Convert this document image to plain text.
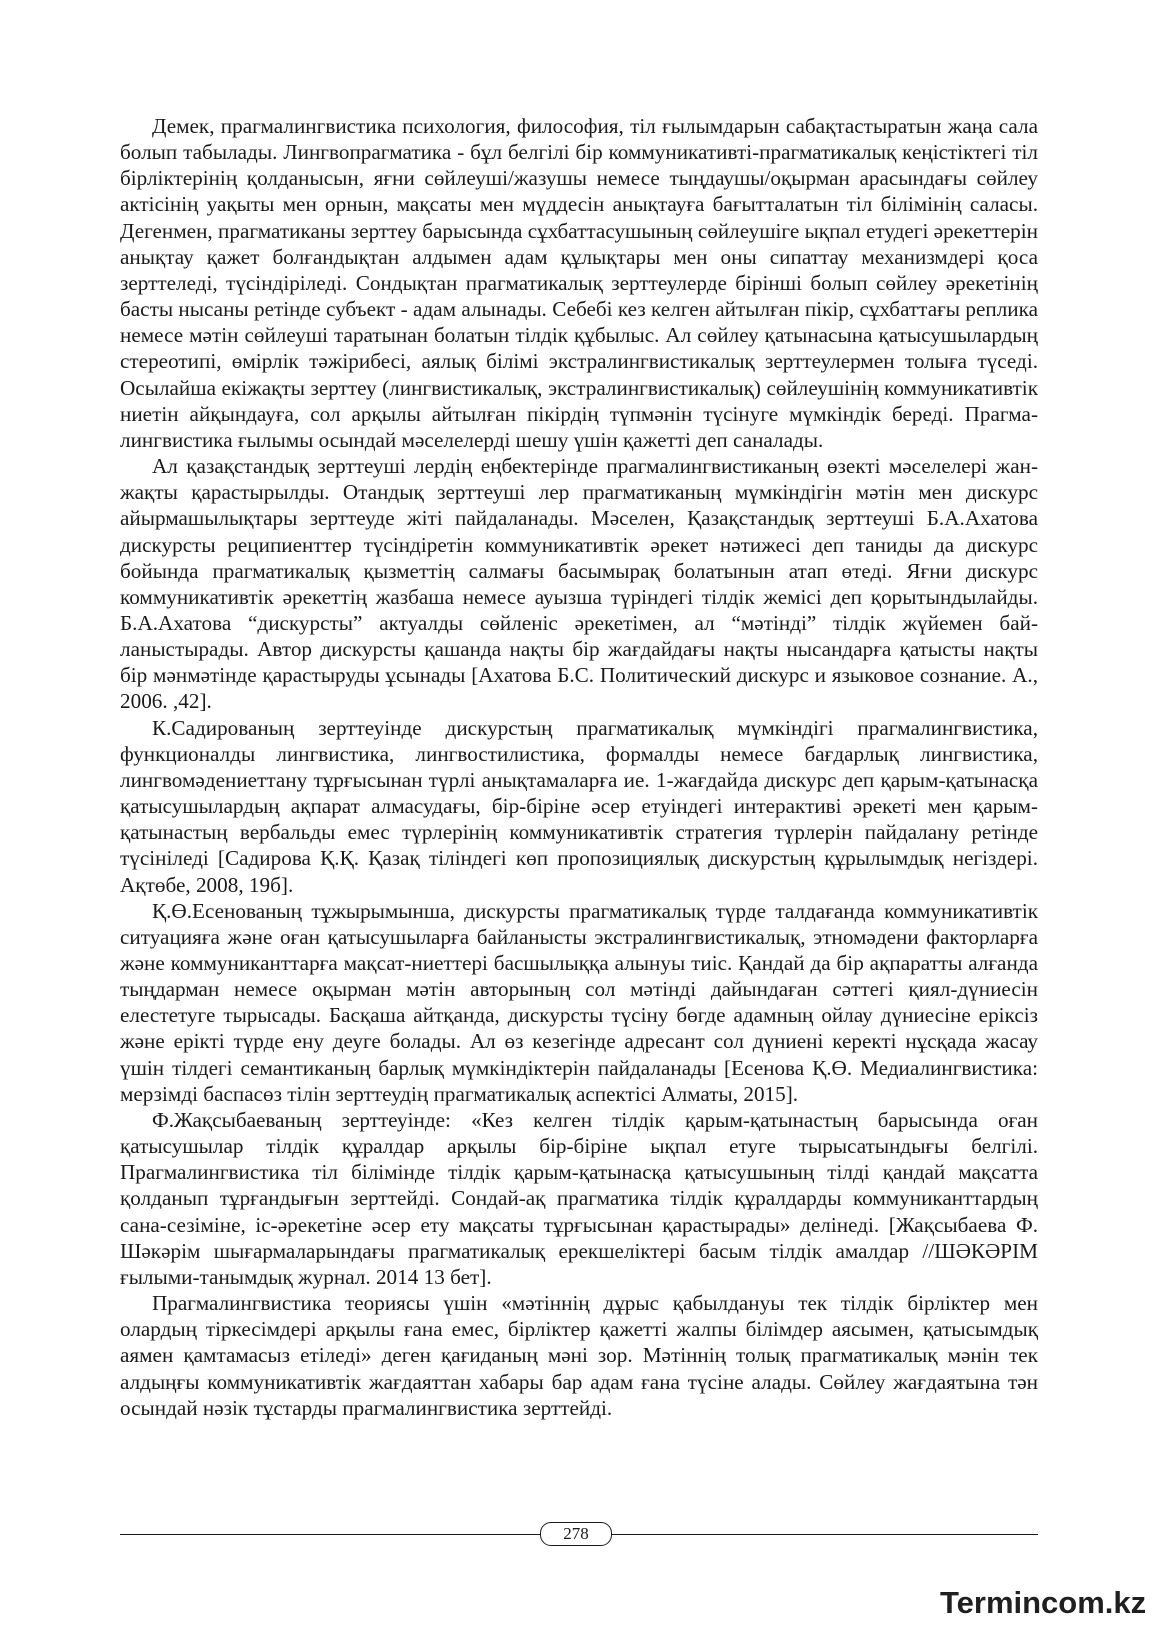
Демек, прагмалингвистика психология, философия, тіл ғылымдарын сабақтастыратын жаңа сала болып табылады. Лингвопрагматика - бұл белгілі бір коммуникативті-прагматикалық кеңістіктегі тіл бірліктерінің қолданысын, яғни сөйлеуші/жазушы немесе тыңдаушы/оқырман арасындағы сөйлеу актісінің уақыты мен орнын, мақсаты мен мүддесін анықтауға бағытталатын тіл білімінің саласы. Дегенмен, прагматиканы зерттеу барысында сұхбаттасушының сөйлеушіге ықпал етудегі әрекеттерін анықтау қажет болғандықтан алдымен адам құлықтары мен оны сипаттау механизмдері қоса зерттеледі, түсіндіріледі. Сондықтан прагматикалық зерттеулерде бірінші болып сөйлеу әрекетінің басты нысаны ретінде субъект - адам алынады. Себебі кез келген айтылған пікір, сұхбаттағы реплика немесе мәтін сөйлеуші таратынан болатын тілдік құбылыс. Ал сөйлеу қатынасына қатысушылардың стереотипі, өмірлік тәжірибесі, аялық білімі экстралингвистикалық зерттеулермен толыға түседі. Осылайша екіжақты зерттеу (лингвистикалық, экстралингвистикалық) сөйлеушінің коммуникативтік ниетін айқындауға, сол арқылы айтылған пікірдің түпмәнін түсінуге мүмкіндік береді. Прагмалингвистика ғылымы осындай мәселелерді шешу үшін қажетті деп саналады.

Ал қазақстандық зерттеуші лердің еңбектерінде прагмалингвистиканың өзекті мәселелері жан-жақты қарастырылды. Отандық зерттеуші лер прагматиканың мүмкіндігін мәтін мен дискурс айырмашылықтары зерттеуде жіті пайдаланады. Мәселен, Қазақстандық зерттеуші Б.А.Ахатова дискурсты реципиенттер түсіндіретін коммуникативтік әрекет нәтижесі деп таниды да дискурс бойында прагматикалық қызметтің салмағы басымырақ болатынын атап өтеді. Яғни дискурс коммуникативтік әрекеттің жазбаша немесе ауызша түріндегі тілдік жемісі деп қорытындылайды. Б.А.Ахатова “дискурсты” актуалды сөйленіс әрекетімен, ал “мәтінді” тілдік жүйемен байланыстырады. Автор дискурсты қашанда нақты бір жағдайдағы нақты нысандарға қатысты нақты бір мәнмәтінде қарастыруды ұсынады [Ахатова Б.С. Политический дискурс и языковое сознание. А., 2006. ,42].

К.Садированың зерттеуінде дискурстың прагматикалық мүмкіндігі прагмалингвистика, функционалды лингвистика, лингвостилистика, формалды немесе бағдарлық лингвистика, лингвомәдениеттану тұрғысынан түрлі анықтамаларға ие. 1-жағдайда дискурс деп қарым-қатынасқа қатысушылардың ақпарат алмасудағы, бір-біріне әсер етуіндегі интерактиві әрекеті мен қарым-қатынастың вербальды емес түрлерінің коммуникативтік стратегия түрлерін пайдалану ретінде түсініледі [Садирова Қ.Қ. Қазақ тіліндегі көп пропозициялық дискурстың құрылымдық негіздері. Ақтөбе, 2008, 19б].

Қ.Ө.Есенованың тұжырымынша, дискурсты прагматикалық түрде талдағанда коммуникативтік ситуацияға және оған қатысушыларға байланысты экстралингвистикалық, этномәдени факторларға және коммуниканттарға мақсат-ниеттері басшылыққа алынуы тиіс. Қандай да бір ақпаратты алғанда тыңдарман немесе оқырман мәтін авторының сол мәтінді дайындаған сәттегі қиял-дүниесін елестетуге тырысады. Басқаша айтқанда, дискурсты түсіну бөгде адамның ойлау дүниесіне еріксіз және ерікті түрде ену деуге болады. Ал өз кезегінде адресант сол дүниені керекті нұсқада жасау үшін тілдегі семантиканың барлық мүмкіндіктерін пайдаланады [Есенова Қ.Ө. Медиалингвистика: мерзімді баспасөз тілін зерттеудің прагматикалық аспектісі Алматы, 2015].

Ф.Жақсыбаеваның зерттеуінде: «Кез келген тілдік қарым-қатынастың барысында оған қатысушылар тілдік құралдар арқылы бір-біріне ықпал етуге тырысатындығы белгілі. Прагмалингвистика тіл білімінде тілдік қарым-қатынасқа қатысушының тілді қандай мақсатта қолданып тұрғандығын зерттейді. Сондай-ақ прагматика тілдік құралдарды коммуниканттардың сана-сезіміне, іс-әрекетіне әсер ету мақсаты тұрғысынан қарастырады» делінеді. [Жақсыбаева Ф. Шәкәрім шығармаларындағы прагматикалық ерекшеліктері басым тілдік амалдар //ШӘКӘРІМ ғылыми-танымдық журнал. 2014 13 бет].

Прагмалингвистика теориясы үшін «мәтіннің дұрыс қабылдануы тек тілдік бірліктер мен олардың тіркесімдері арқылы ғана емес, бірліктер қажетті жалпы білімдер аясымен, қатысымдық аямен қамтамасыз етіледі» деген қағиданың мәні зор. Мәтіннің толық прагматикалық мәнін тек алдыңғы коммуникативтік жағдаяттан хабары бар адам ғана түсіне алады. Сөйлеу жағдаятына тән осындай нәзік тұстарды прагмалингвистика зерттейді.

278
Termincom.kz
